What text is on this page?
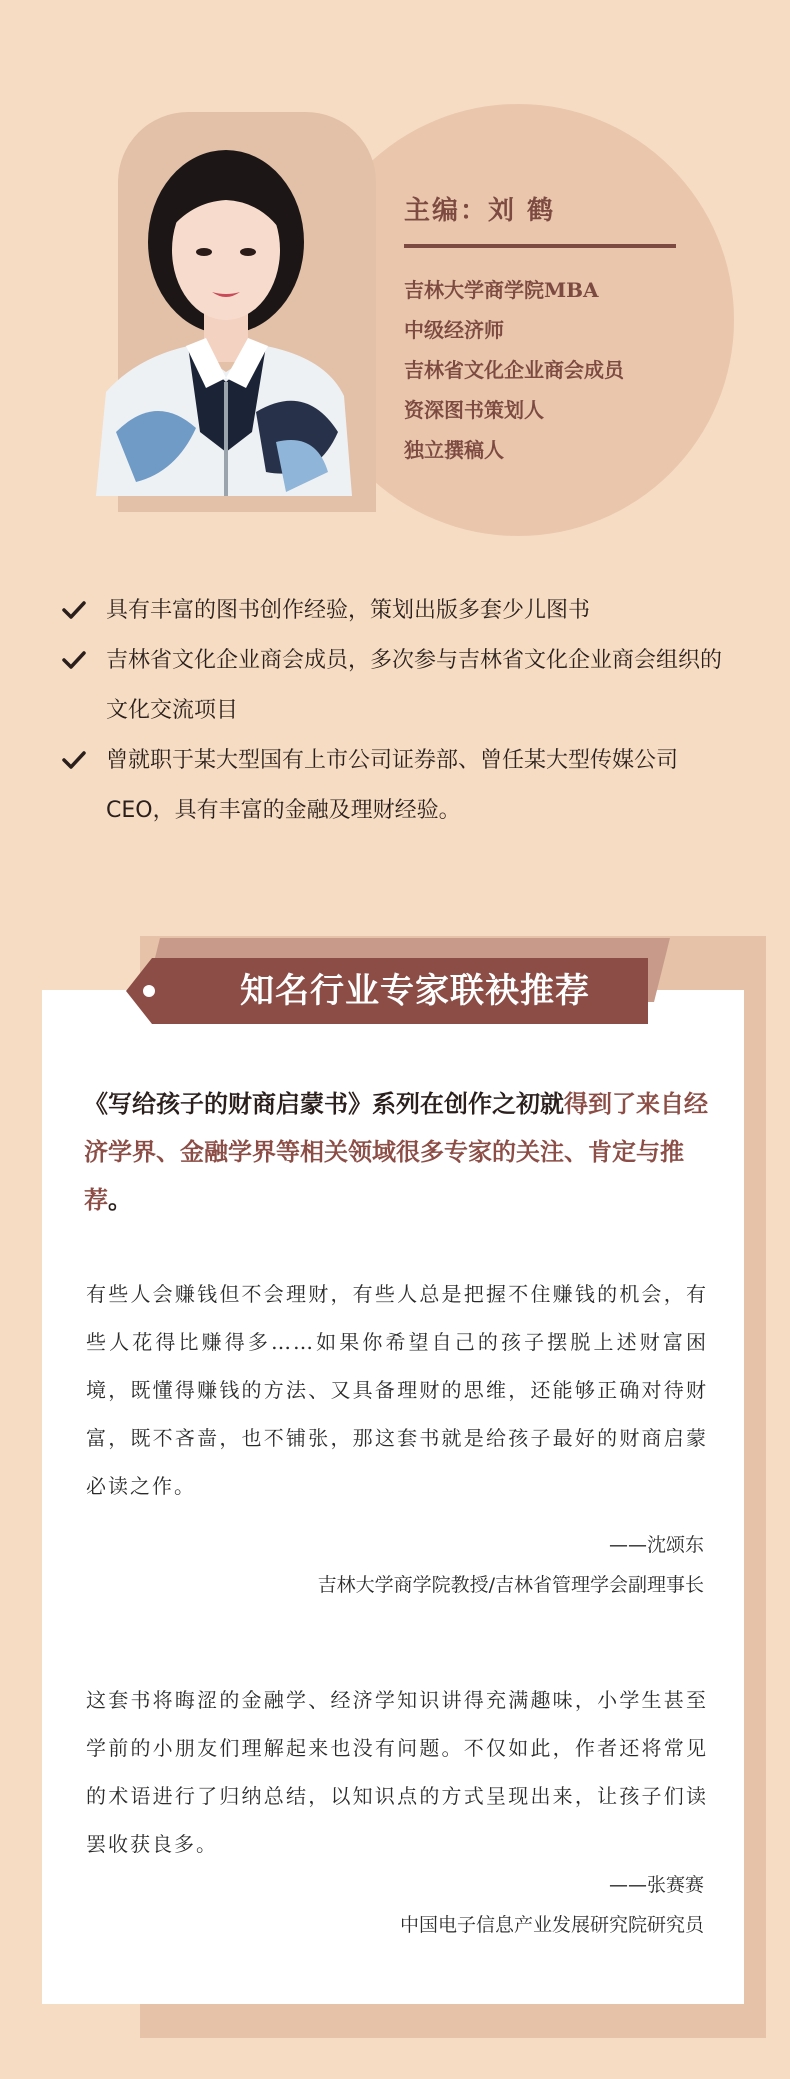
主编：刘 鹤
吉林大学商学院MBA
中级经济师
吉林省文化企业商会成员
资深图书策划人
独立撰稿人
具有丰富的图书创作经验，策划出版多套少儿图书
吉林省文化企业商会成员，多次参与吉林省文化企业商会组织的文化交流项目
曾就职于某大型国有上市公司证券部、曾任某大型传媒公司CEO，具有丰富的金融及理财经验。
知名行业专家联袂推荐

《写给孩子的财商启蒙书》系列在创作之初就得到了来自经济学界、金融学界等相关领域很多专家的关注、肯定与推荐。

有些人会赚钱但不会理财，有些人总是把握不住赚钱的机会，有些人花得比赚得多……如果你希望自己的孩子摆脱上述财富困境，既懂得赚钱的方法、又具备理财的思维，还能够正确对待财富，既不吝啬，也不铺张，那这套书就是给孩子最好的财商启蒙必读之作。

——沈颂东
吉林大学商学院教授/吉林省管理学会副理事长

这套书将晦涩的金融学、经济学知识讲得充满趣味，小学生甚至学前的小朋友们理解起来也没有问题。不仅如此，作者还将常见的术语进行了归纳总结，以知识点的方式呈现出来，让孩子们读罢收获良多。

——张赛赛
中国电子信息产业发展研究院研究员
